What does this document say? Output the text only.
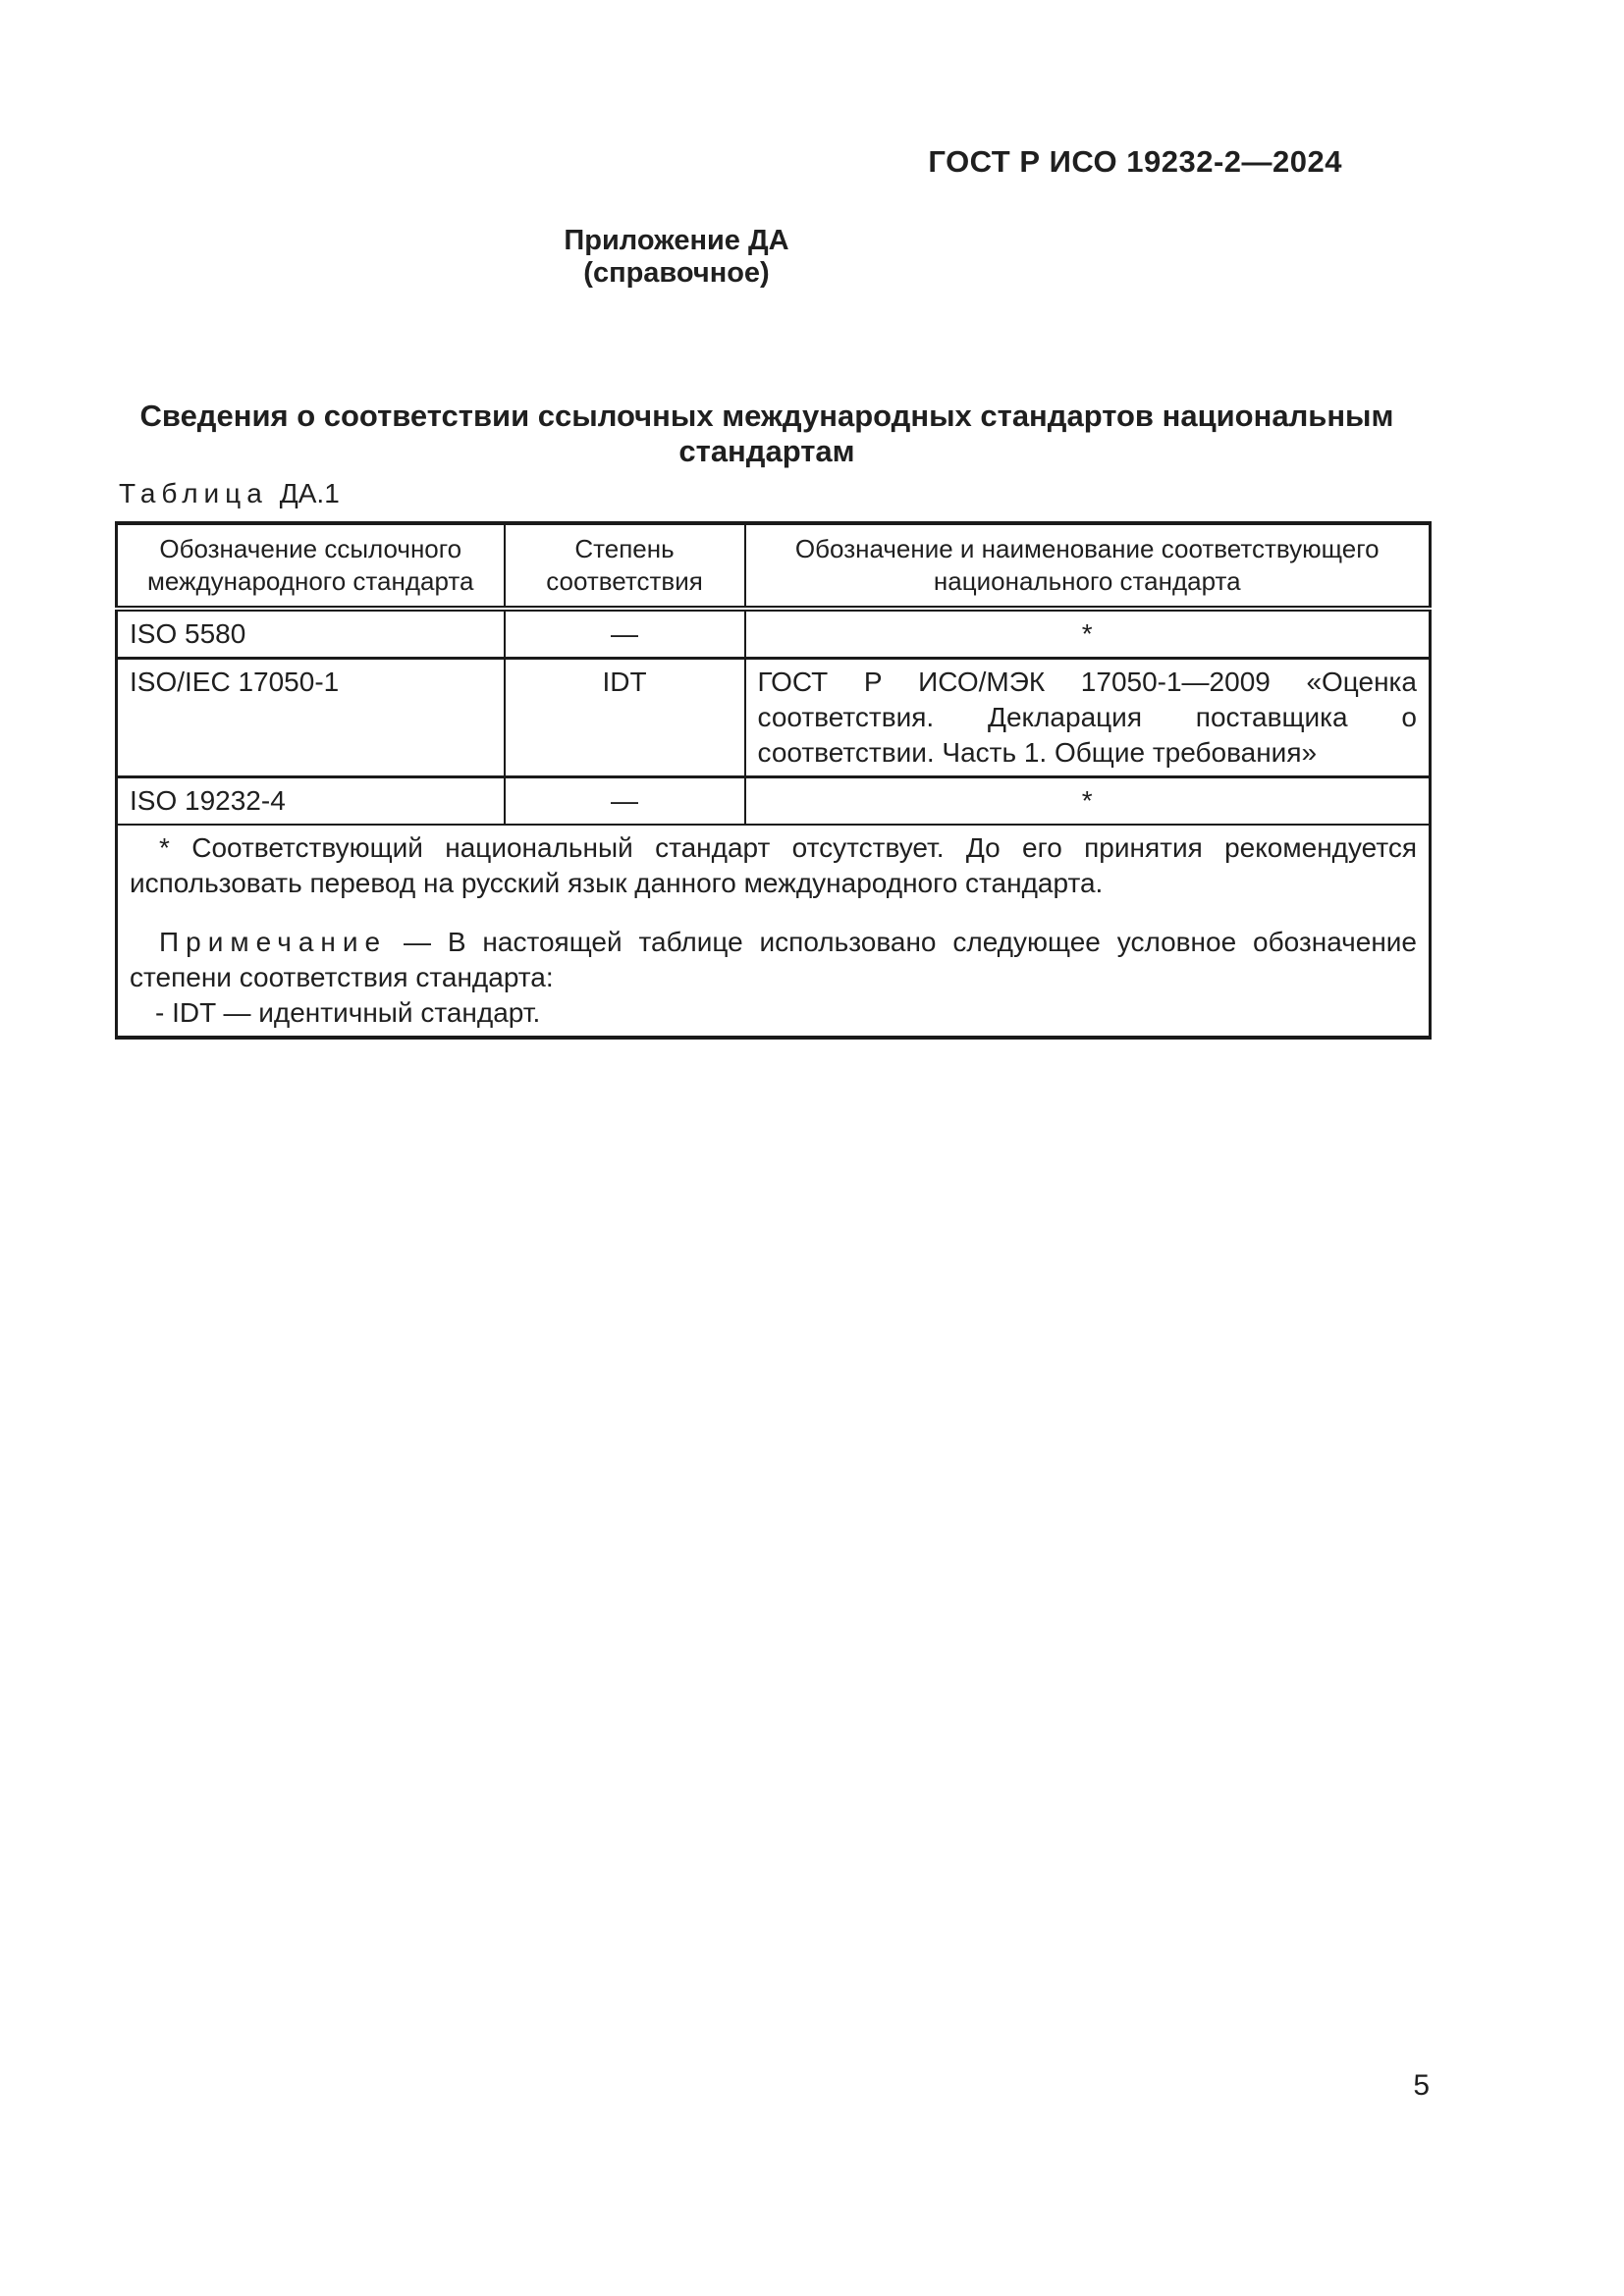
ГОСТ Р ИСО 19232-2—2024
Приложение ДА
(справочное)
Сведения о соответствии ссылочных международных стандартов национальным стандартам
Таблица ДА.1
Обозначение ссылочного международного стандарта	Степень соответствия	Обозначение и наименование соответствующего национального стандарта
ISO 5580	—	*
ISO/IEC 17050-1	IDT	ГОСТ Р ИСО/МЭК 17050-1—2009 «Оценка соответствия. Декларация поставщика о соответствии. Часть 1. Общие требования»
ISO 19232-4	—	*

* Соответствующий национальный стандарт отсутствует. До его принятия рекомендуется использовать перевод на русский язык данного международного стандарта.
Примечание — В настоящей таблице использовано следующее условное обозначение степени соответствия стандарта:
- IDT — идентичный стандарт.		
5
